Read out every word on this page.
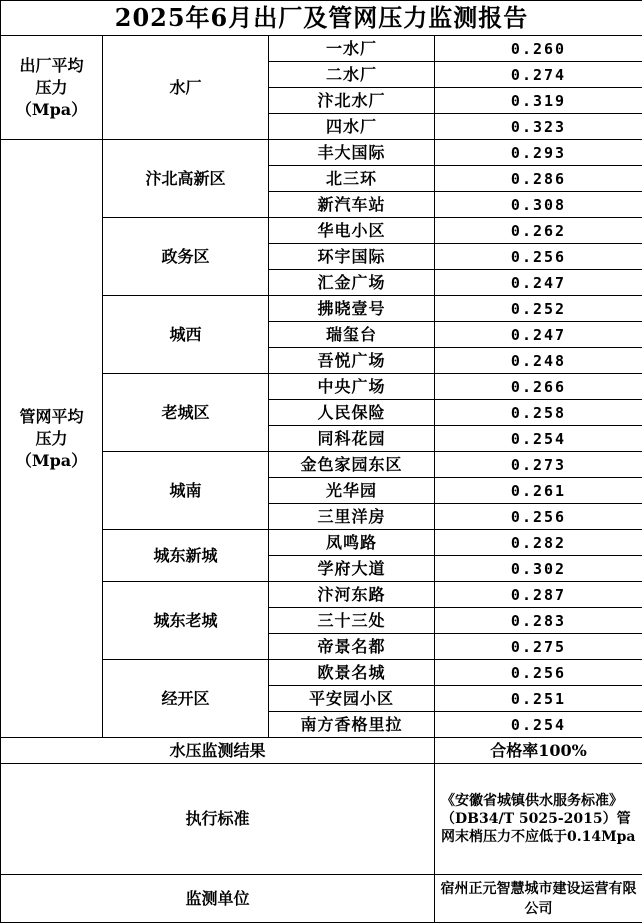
2025年6月出厂及管网压力监测报告			
出厂平均
压力
（Mpa）	水厂	一水厂	0.260
		二水厂	0.274
		汴北水厂	0.319
		四水厂	0.323
管网平均
压力
（Mpa）	汴北高新区	丰大国际	0.293
		北三环	0.286
		新汽车站	0.308
	政务区	华电小区	0.262
		环宇国际	0.256
		汇金广场	0.247
	城西	拂晓壹号	0.252
		瑞玺台	0.247
		吾悦广场	0.248
	老城区	中央广场	0.266
		人民保险	0.258
		同科花园	0.254
	城南	金色家园东区	0.273
		光华园	0.261
		三里洋房	0.256
	城东新城	凤鸣路	0.282
		学府大道	0.302
	城东老城	汴河东路	0.287
		三十三处	0.283
		帝景名都	0.275
	经开区	欧景名城	0.256
		平安园小区	0.251
		南方香格里拉	0.254
水压监测结果			合格率100%
执行标准			《安徽省城镇供水服务标准》（DB34/T 5025-2015）管网末梢压力不应低于0.14Mpa
监测单位			宿州正元智慧城市建设运营有限公司
